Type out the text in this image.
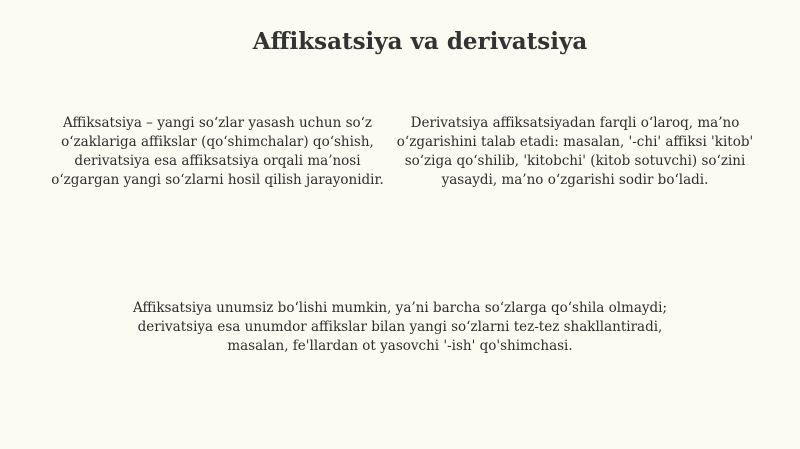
Affiksatsiya va derivatsiya

Affiksatsiya – yangi soʻzlar yasash uchun soʻz oʻzaklariga affikslar (qoʻshimchalar) qoʻshish, derivatsiya esa affiksatsiya orqali ma’nosi oʻzgargan yangi soʻzlarni hosil qilish jarayonidir.

Derivatsiya affiksatsiyadan farqli oʻlaroq, ma’no oʻzgarishini talab etadi: masalan, '-chi' affiksi 'kitob' soʻziga qoʻshilib, 'kitobchi' (kitob sotuvchi) soʻzini yasaydi, ma’no oʻzgarishi sodir boʻladi.

Affiksatsiya unumsiz boʻlishi mumkin, ya’ni barcha soʻzlarga qoʻshila olmaydi; derivatsiya esa unumdor affikslar bilan yangi soʻzlarni tez-tez shakllantiradi, masalan, fe'llardan ot yasovchi '-ish' qo'shimchasi.
